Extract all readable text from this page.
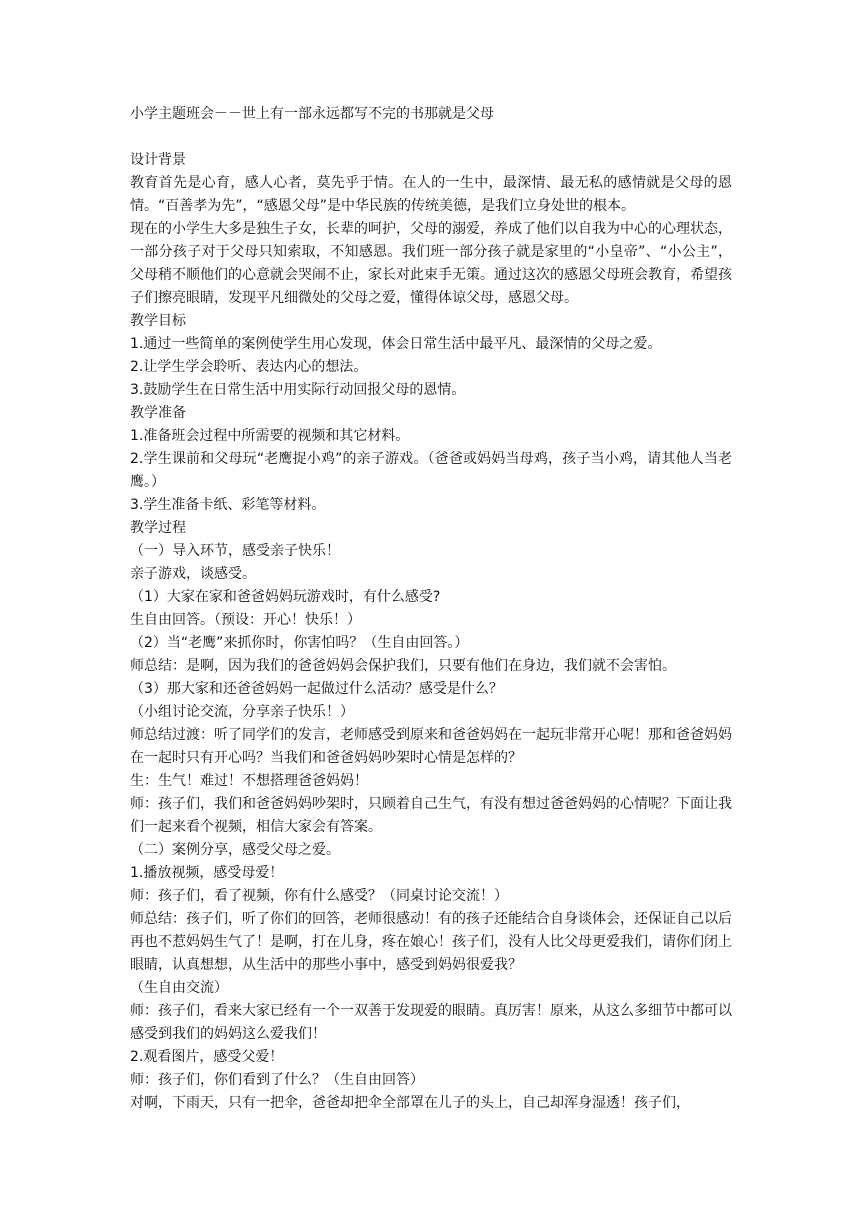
小学主题班会－－世上有一部永远都写不完的书那就是父母
设计背景
教育首先是心育，感人心者，莫先乎于情。在人的一生中，最深情、最无私的感情就是父母的恩情。“百善孝为先”，“感恩父母”是中华民族的传统美德，是我们立身处世的根本。
现在的小学生大多是独生子女，长辈的呵护，父母的溺爱，养成了他们以自我为中心的心理状态，一部分孩子对于父母只知索取，不知感恩。我们班一部分孩子就是家里的“小皇帝”、“小公主”，父母稍不顺他们的心意就会哭闹不止，家长对此束手无策。通过这次的感恩父母班会教育，希望孩子们擦亮眼睛，发现平凡细微处的父母之爱，懂得体谅父母，感恩父母。
教学目标
1.通过一些简单的案例使学生用心发现，体会日常生活中最平凡、最深情的父母之爱。
2.让学生学会聆听、表达内心的想法。
3.鼓励学生在日常生活中用实际行动回报父母的恩情。
教学准备
1.准备班会过程中所需要的视频和其它材料。
2.学生课前和父母玩“老鹰捉小鸡”的亲子游戏。（爸爸或妈妈当母鸡，孩子当小鸡，请其他人当老鹰。）
3.学生准备卡纸、彩笔等材料。
教学过程
（一）导入环节，感受亲子快乐！
亲子游戏，谈感受。
（1）大家在家和爸爸妈妈玩游戏时，有什么感受?
生自由回答。（预设：开心！快乐！）
（2）当“老鹰”来抓你时，你害怕吗？（生自由回答。）
师总结：是啊，因为我们的爸爸妈妈会保护我们，只要有他们在身边，我们就不会害怕。
（3）那大家和还爸爸妈妈一起做过什么活动？感受是什么？
（小组讨论交流，分享亲子快乐！）
师总结过渡：听了同学们的发言，老师感受到原来和爸爸妈妈在一起玩非常开心呢！那和爸爸妈妈在一起时只有开心吗？当我们和爸爸妈妈吵架时心情是怎样的？
生：生气！难过！不想搭理爸爸妈妈！
师：孩子们，我们和爸爸妈妈吵架时，只顾着自己生气，有没有想过爸爸妈妈的心情呢？下面让我们一起来看个视频，相信大家会有答案。
（二）案例分享，感受父母之爱。
1.播放视频，感受母爱！
师：孩子们，看了视频，你有什么感受？（同桌讨论交流！）
师总结：孩子们，听了你们的回答，老师很感动！有的孩子还能结合自身谈体会，还保证自己以后再也不惹妈妈生气了！是啊，打在儿身，疼在娘心！孩子们，没有人比父母更爱我们，请你们闭上眼睛，认真想想，从生活中的那些小事中，感受到妈妈很爱我？
（生自由交流）
师：孩子们，看来大家已经有一个一双善于发现爱的眼睛。真厉害！原来，从这么多细节中都可以感受到我们的妈妈这么爱我们！
2.观看图片，感受父爱！
师：孩子们，你们看到了什么？（生自由回答）
对啊，下雨天，只有一把伞，爸爸却把伞全部罩在儿子的头上，自己却浑身湿透！孩子们，
